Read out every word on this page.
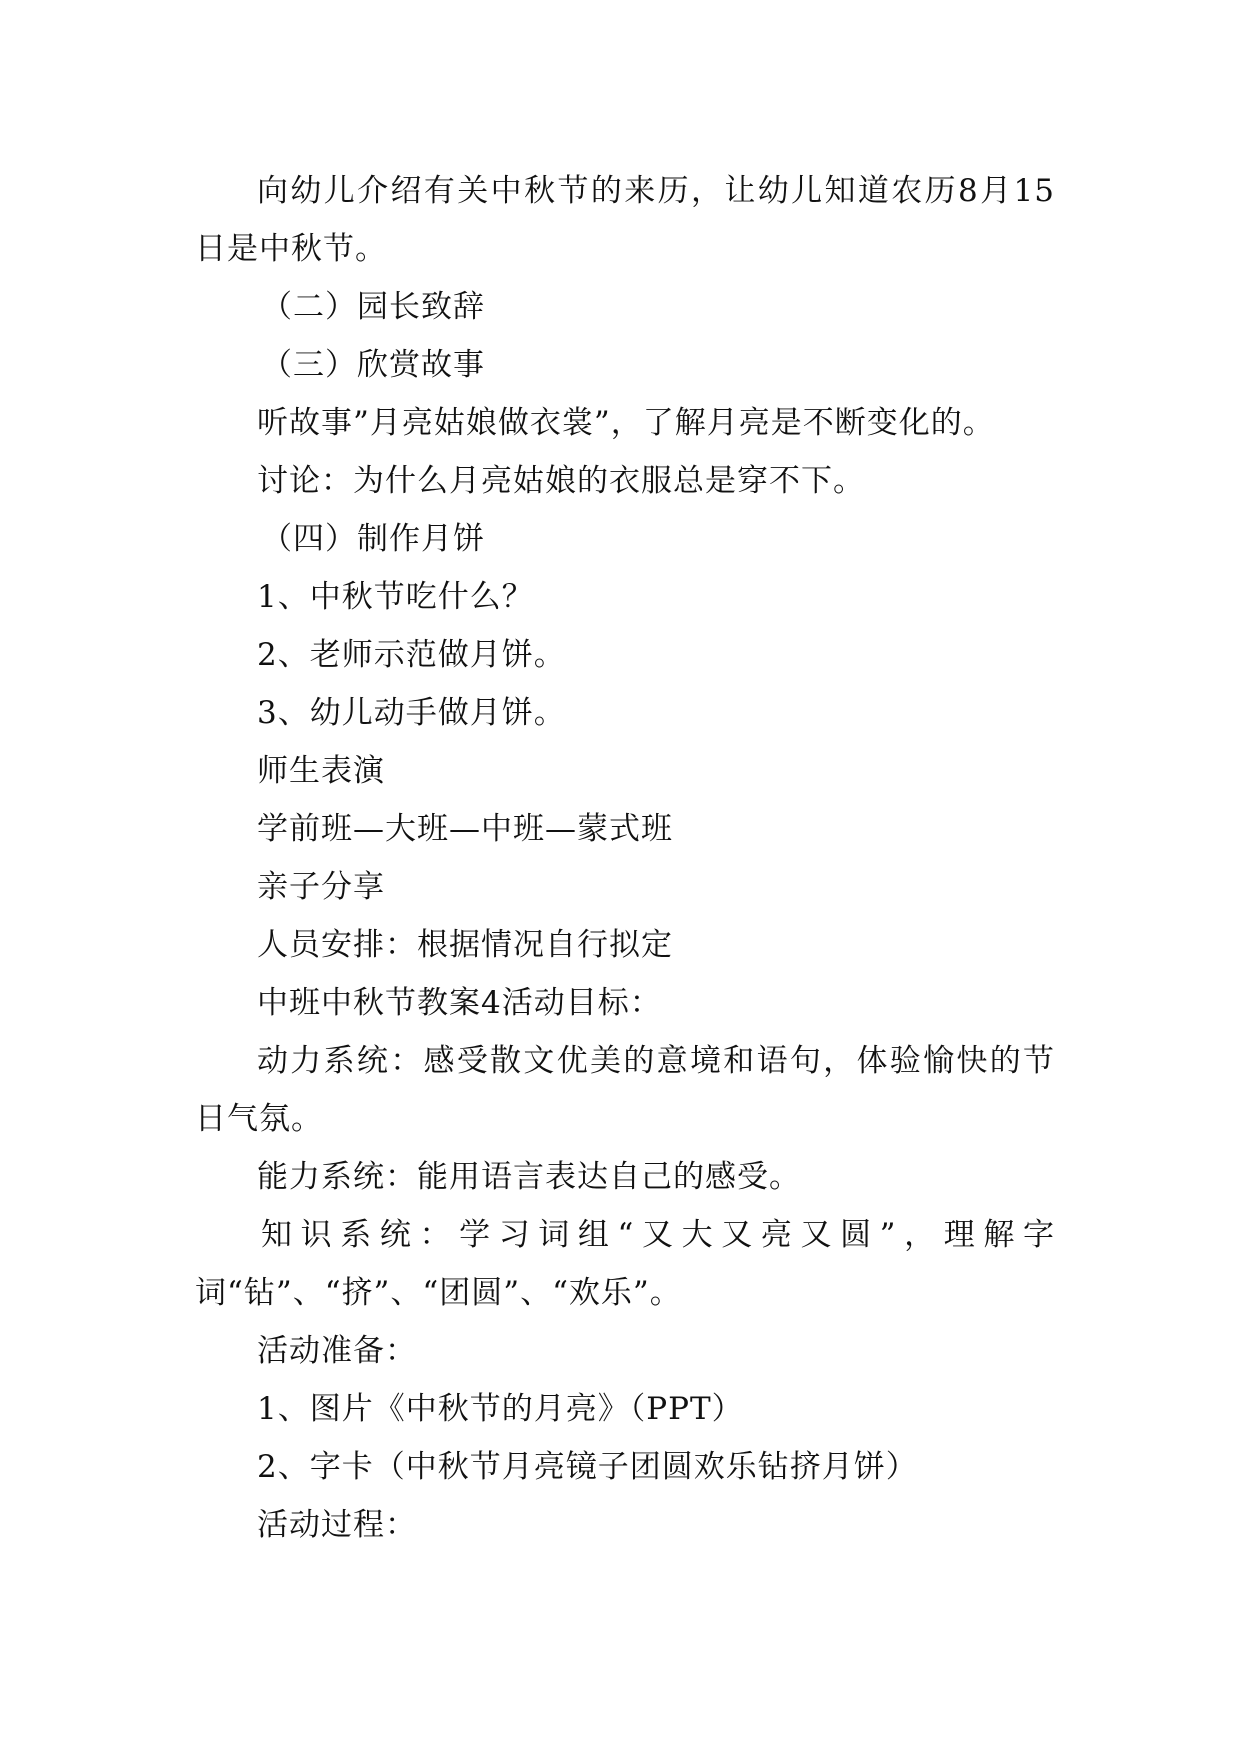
向幼儿介绍有关中秋节的来历，让幼儿知道农历8月15日是中秋节。

（二）园长致辞

（三）欣赏故事

听故事”月亮姑娘做衣裳”，了解月亮是不断变化的。

讨论：为什么月亮姑娘的衣服总是穿不下。

（四）制作月饼

1、中秋节吃什么？

2、老师示范做月饼。

3、幼儿动手做月饼。

师生表演

学前班—大班—中班—蒙式班

亲子分享

人员安排：根据情况自行拟定

中班中秋节教案4活动目标：

动力系统：感受散文优美的意境和语句，体验愉快的节日气氛。

能力系统：能用语言表达自己的感受。

知识系统：学习词组“又大又亮又圆”，理解字词“钻”、“挤”、“团圆”、“欢乐”。

活动准备：

1、图片《中秋节的月亮》（PPT）

2、字卡（中秋节月亮镜子团圆欢乐钻挤月饼）

活动过程：
